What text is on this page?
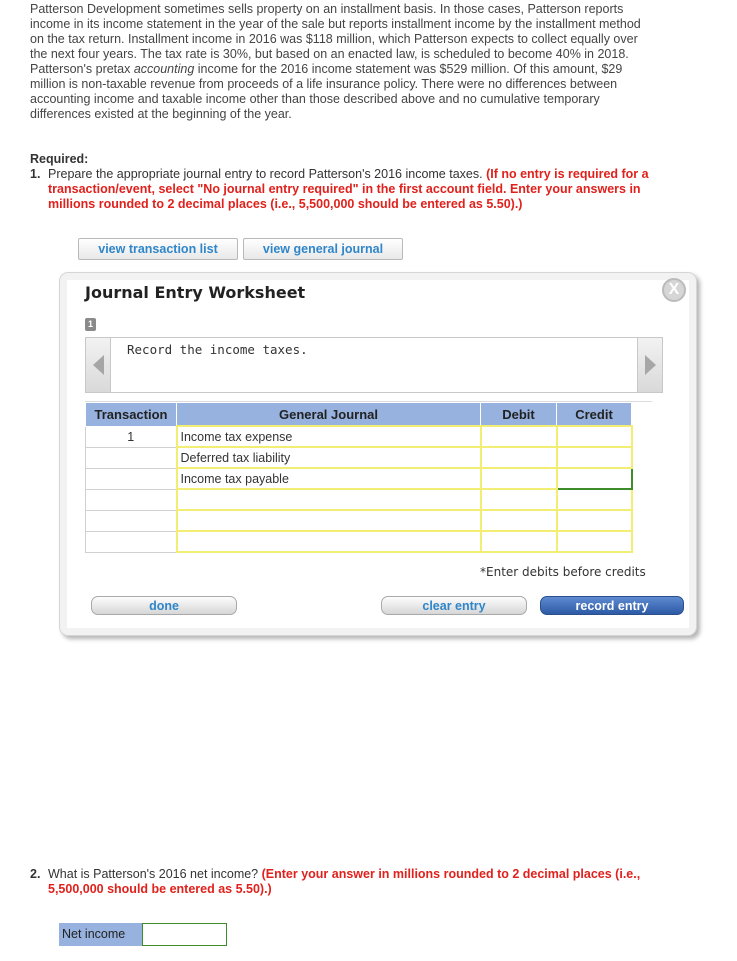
Patterson Development sometimes sells property on an installment basis. In those cases, Patterson reports income in its income statement in the year of the sale but reports installment income by the installment method on the tax return. Installment income in 2016 was $118 million, which Patterson expects to collect equally over the next four years. The tax rate is 30%, but based on an enacted law, is scheduled to become 40% in 2018.

Patterson's pretax accounting income for the 2016 income statement was $529 million. Of this amount, $29 million is non-taxable revenue from proceeds of a life insurance policy. There were no differences between accounting income and taxable income other than those described above and no cumulative temporary differences existed at the beginning of the year.

Required:
1. Prepare the appropriate journal entry to record Patterson's 2016 income taxes. (If no entry is required for a transaction/event, select "No journal entry required" in the first account field. Enter your answers in millions rounded to 2 decimal places (i.e., 5,500,000 should be entered as 5.50).)
view transaction list	view general journal
Journal Entry Worksheet	X
1
Record the income taxes.
Transaction	General Journal	Debit	Credit
1	Income tax expense		
	Deferred tax liability		
	Income tax payable		

*Enter debits before credits
done	clear entry	record entry
2. What is Patterson's 2016 net income? (Enter your answer in millions rounded to 2 decimal places (i.e., 5,500,000 should be entered as 5.50).)
Net income
